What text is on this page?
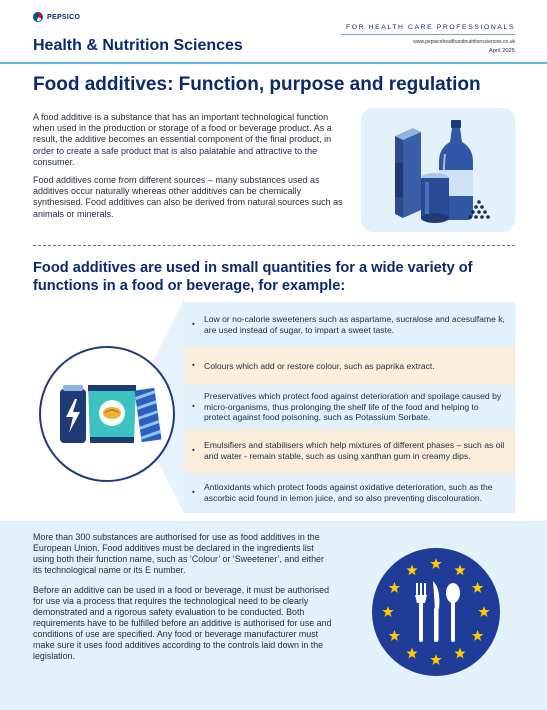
PEPSICO
Health & Nutrition Sciences
FOR HEALTH CARE PROFESSIONALS
www.pepsicohealthandnutritionsciences.co.uk
April 2025
Food additives: Function, purpose and regulation

A food additive is a substance that has an important technological function when used in the production or storage of a food or beverage product. As a result, the additive becomes an essential component of the final product, in order to create a safe product that is also palatable and attractive to the consumer.

Food additives come from different sources – many substances used as additives occur naturally whereas other additives can be chemically synthesised. Food additives can also be derived from natural sources such as animals or minerals.

Food additives are used in small quantities for a wide variety of functions in a food or beverage, for example:
• Low or no-calorie sweeteners such as aspartame, sucralose and acesulfame k, are used instead of sugar, to impart a sweet taste.
• Colours which add or restore colour, such as paprika extract.
• Preservatives which protect food against deterioration and spoilage caused by micro-organisms, thus prolonging the shelf life of the food and helping to protect against food poisoning, such as Potassium Sorbate.
• Emulsifiers and stabilisers which help mixtures of different phases – such as oil and water - remain stable, such as using xanthan gum in creamy dips.
• Antioxidants which protect foods against oxidative deterioration, such as the ascorbic acid found in lemon juice, and so also preventing discolouration.

More than 300 substances are authorised for use as food additives in the European Union. Food additives must be declared in the ingredients list using both their function name, such as ‘Colour’ or ‘Sweetener’, and either its technological name or its E number.

Before an additive can be used in a food or beverage, it must be authorised for use via a process that requires the technological need to be clearly demonstrated and a rigorous safety evaluation to be conducted. Both requirements have to be fulfilled before an additive is authorised for use and conditions of use are specified. Any food or beverage manufacturer must make sure it uses food additives according to the controls laid down in the legislation.
